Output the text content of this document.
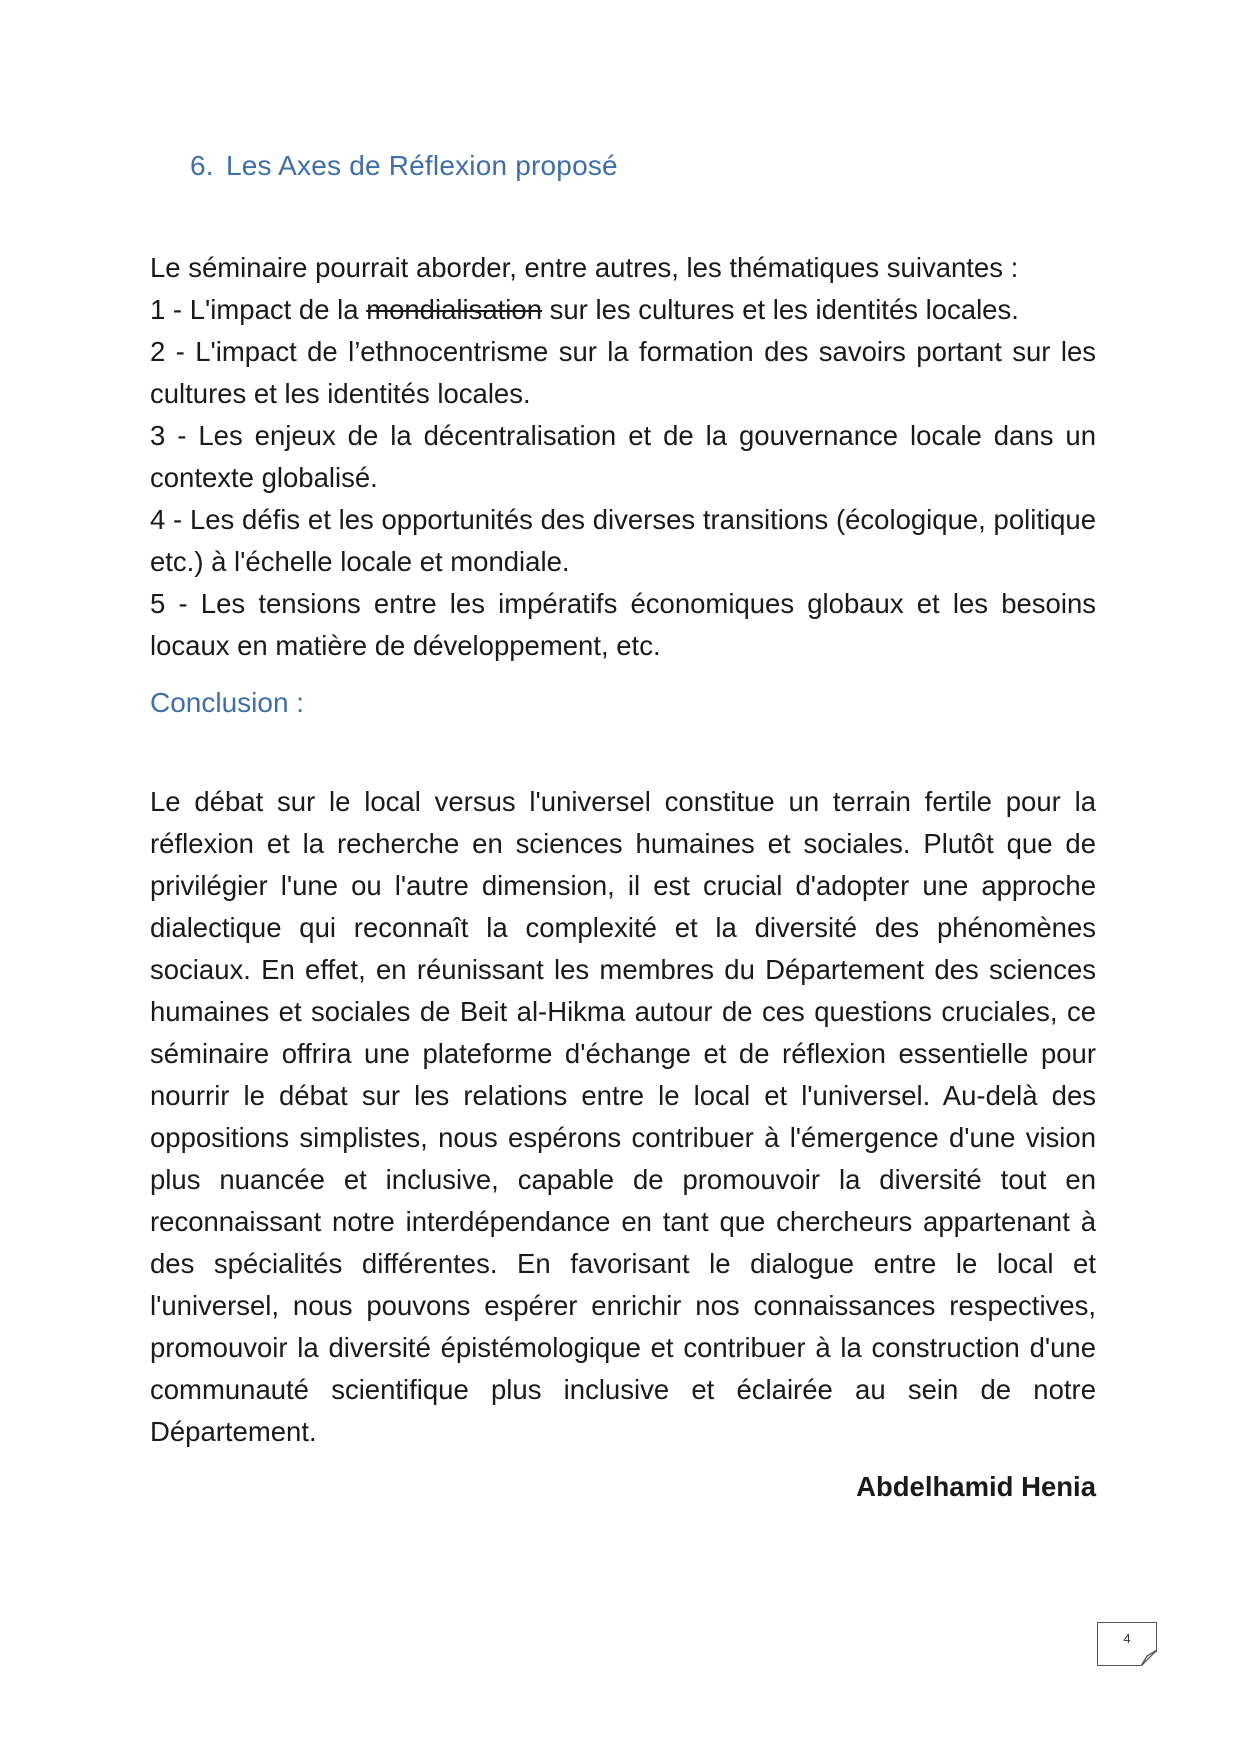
6. Les Axes de Réflexion proposé

Le séminaire pourrait aborder, entre autres, les thématiques suivantes :

1 - L'impact de la mondialisation sur les cultures et les identités locales.
2 - L'impact de l’ethnocentrisme sur la formation des savoirs portant sur les cultures et les identités locales.
3 - Les enjeux de la décentralisation et de la gouvernance locale dans un contexte globalisé.
4 - Les défis et les opportunités des diverses transitions (écologique, politique etc.) à l'échelle locale et mondiale.
5 - Les tensions entre les impératifs économiques globaux et les besoins locaux en matière de développement, etc.
Conclusion :

Le débat sur le local versus l'universel constitue un terrain fertile pour la réflexion et la recherche en sciences humaines et sociales. Plutôt que de privilégier l'une ou l'autre dimension, il est crucial d'adopter une approche dialectique qui reconnaît la complexité et la diversité des phénomènes sociaux. En effet, en réunissant les membres du Département des sciences humaines et sociales de Beit al-Hikma autour de ces questions cruciales, ce séminaire offrira une plateforme d'échange et de réflexion essentielle pour nourrir le débat sur les relations entre le local et l'universel. Au-delà des oppositions simplistes, nous espérons contribuer à l'émergence d'une vision plus nuancée et inclusive, capable de promouvoir la diversité tout en reconnaissant notre interdépendance en tant que chercheurs appartenant à des spécialités différentes. En favorisant le dialogue entre le local et l'universel, nous pouvons espérer enrichir nos connaissances respectives, promouvoir la diversité épistémologique et contribuer à la construction d'une communauté scientifique plus inclusive et éclairée au sein de notre Département.

Abdelhamid Henia

4
